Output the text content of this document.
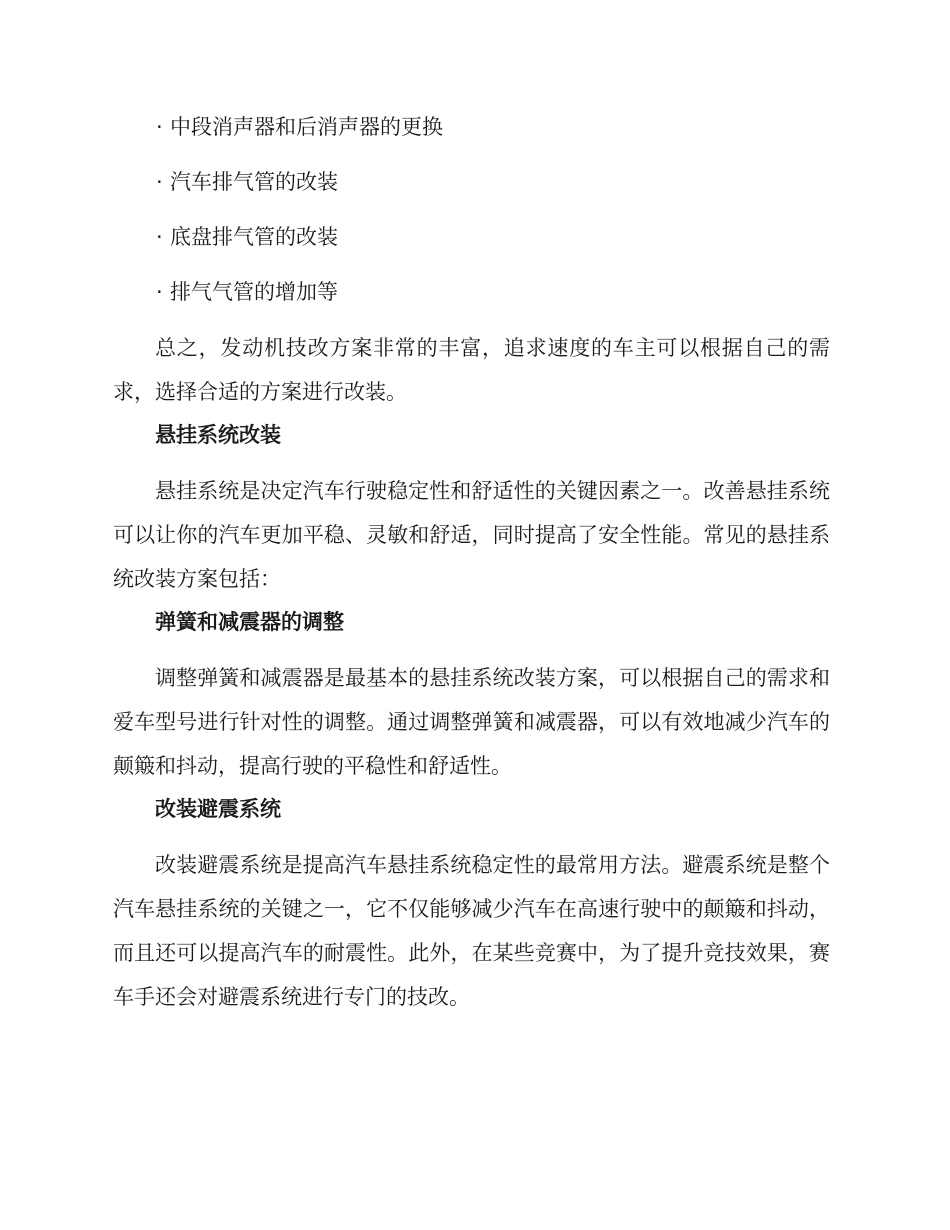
· 中段消声器和后消声器的更换
· 汽车排气管的改装
· 底盘排气管的改装
· 排气气管的增加等

总之，发动机技改方案非常的丰富，追求速度的车主可以根据自己的需求，选择合适的方案进行改装。

悬挂系统改装

悬挂系统是决定汽车行驶稳定性和舒适性的关键因素之一。改善悬挂系统可以让你的汽车更加平稳、灵敏和舒适，同时提高了安全性能。常见的悬挂系统改装方案包括：

弹簧和减震器的调整

调整弹簧和减震器是最基本的悬挂系统改装方案，可以根据自己的需求和爱车型号进行针对性的调整。通过调整弹簧和减震器，可以有效地减少汽车的颠簸和抖动，提高行驶的平稳性和舒适性。

改装避震系统

改装避震系统是提高汽车悬挂系统稳定性的最常用方法。避震系统是整个汽车悬挂系统的关键之一，它不仅能够减少汽车在高速行驶中的颠簸和抖动，而且还可以提高汽车的耐震性。此外，在某些竞赛中，为了提升竞技效果，赛车手还会对避震系统进行专门的技改。
